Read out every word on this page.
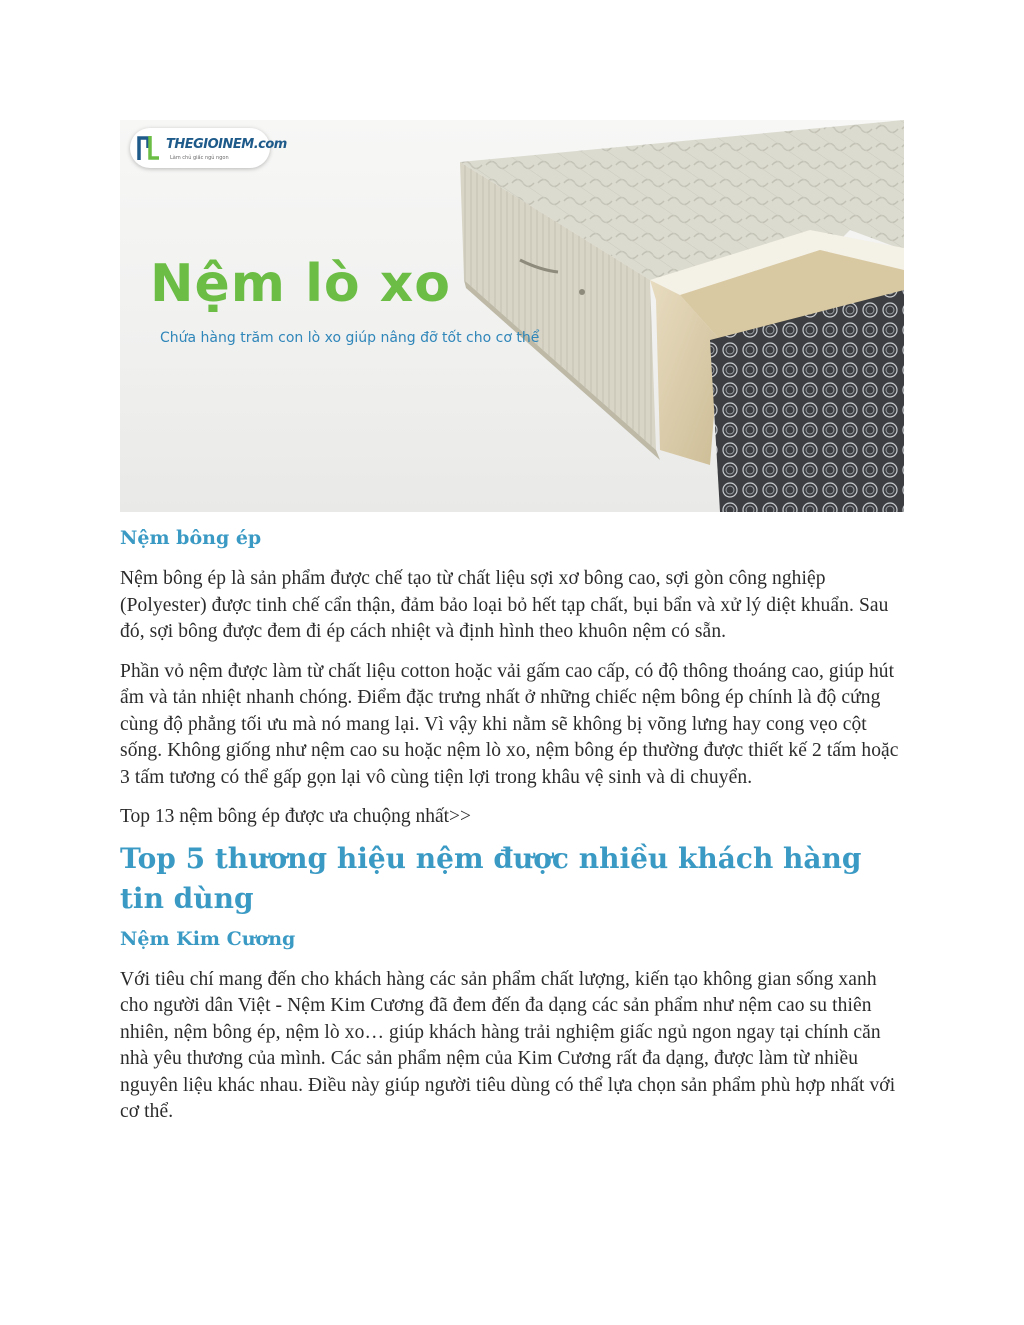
THEGIOINEM.com
Làm chủ giấc ngủ ngon
Nệm lò xo
Chứa hàng trăm con lò xo giúp nâng đỡ tốt cho cơ thể
Nệm bông ép

Nệm bông ép là sản phẩm được chế tạo từ chất liệu sợi xơ bông cao, sợi gòn công nghiệp (Polyester) được tinh chế cẩn thận, đảm bảo loại bỏ hết tạp chất, bụi bẩn và xử lý diệt khuẩn. Sau đó, sợi bông được đem đi ép cách nhiệt và định hình theo khuôn nệm có sẵn.

Phần vỏ nệm được làm từ chất liệu cotton hoặc vải gấm cao cấp, có độ thông thoáng cao, giúp hút ẩm và tản nhiệt nhanh chóng. Điểm đặc trưng nhất ở những chiếc nệm bông ép chính là độ cứng cùng độ phẳng tối ưu mà nó mang lại. Vì vậy khi nằm sẽ không bị võng lưng hay cong vẹo cột sống. Không giống như nệm cao su hoặc nệm lò xo, nệm bông ép thường được thiết kế 2 tấm hoặc 3 tấm tương có thể gấp gọn lại vô cùng tiện lợi trong khâu vệ sinh và di chuyển.

Top 13 nệm bông ép được ưa chuộng nhất>>
Top 5 thương hiệu nệm được nhiều khách hàng tin dùng
Nệm Kim Cương

Với tiêu chí mang đến cho khách hàng các sản phẩm chất lượng, kiến tạo không gian sống xanh cho người dân Việt - Nệm Kim Cương đã đem đến đa dạng các sản phẩm như nệm cao su thiên nhiên, nệm bông ép, nệm lò xo… giúp khách hàng trải nghiệm giấc ngủ ngon ngay tại chính căn nhà yêu thương của mình. Các sản phẩm nệm của Kim Cương rất đa dạng, được làm từ nhiều nguyên liệu khác nhau. Điều này giúp người tiêu dùng có thể lựa chọn sản phẩm phù hợp nhất với cơ thể.
